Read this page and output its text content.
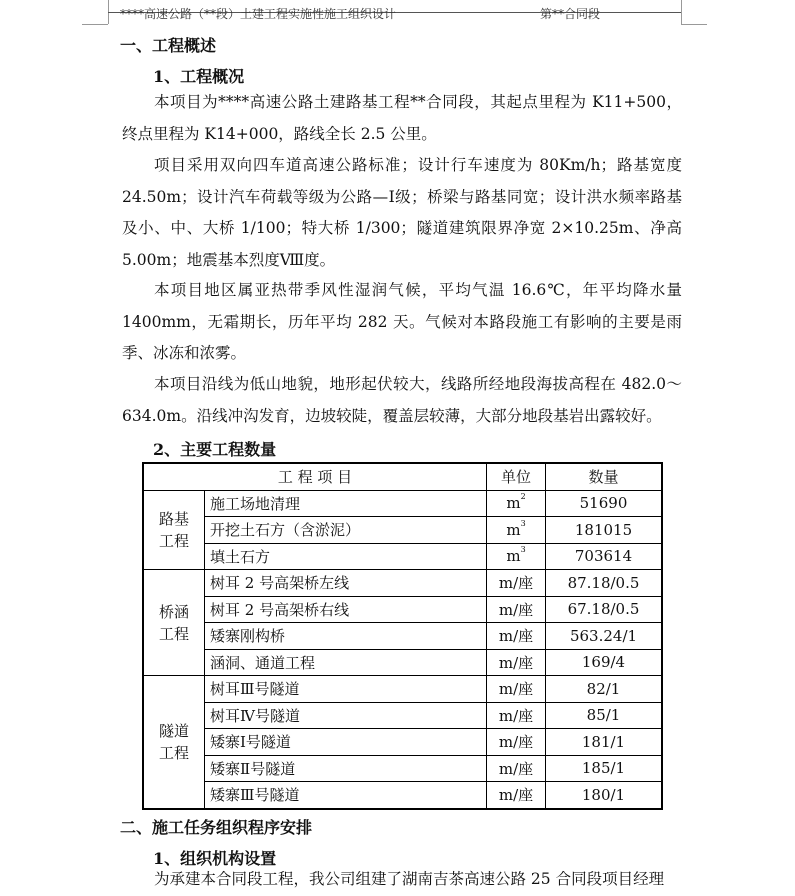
****高速公路（**段）土建工程实施性施工组织设计	第**合同段
一、工程概述
1、工程概况

本项目为****高速公路土建路基工程**合同段，其起点里程为 K11+500，终点里程为 K14+000，路线全长 2.5 公里。

项目采用双向四车道高速公路标准；设计行车速度为 80Km/h；路基宽度 24.50m；设计汽车荷载等级为公路—Ⅰ级；桥梁与路基同宽；设计洪水频率路基及小、中、大桥 1/100；特大桥 1/300；隧道建筑限界净宽 2×10.25m、净高 5.00m；地震基本烈度Ⅷ度。

本项目地区属亚热带季风性湿润气候，平均气温 16.6℃，年平均降水量 1400mm，无霜期长，历年平均 282 天。气候对本路段施工有影响的主要是雨季、冰冻和浓雾。

本项目沿线为低山地貌，地形起伏较大，线路所经地段海拔高程在 482.0～634.0m。沿线冲沟发育，边坡较陡，覆盖层较薄，大部分地段基岩出露较好。

2、主要工程数量
工 程 项 目		单位	数量
路基工程	施工场地清理	$m^2$	51690
	开挖土石方（含淤泥）	$m^3$	181015
	填土石方	$m^3$	703614
桥涵工程	树耳 2 号高架桥左线	m/座	87.18/0.5
	树耳 2 号高架桥右线	m/座	67.18/0.5
	矮寨刚构桥	m/座	563.24/1
	涵洞、通道工程	m/座	169/4
隧道工程	树耳Ⅲ号隧道	m/座	82/1
	树耳Ⅳ号隧道	m/座	85/1
	矮寨Ⅰ号隧道	m/座	181/1
	矮寨Ⅱ号隧道	m/座	185/1
	矮寨Ⅲ号隧道	m/座	180/1
二、施工任务组织程序安排
1、组织机构设置

为承建本合同段工程，我公司组建了湖南吉茶高速公路 25 合同段项目经理
